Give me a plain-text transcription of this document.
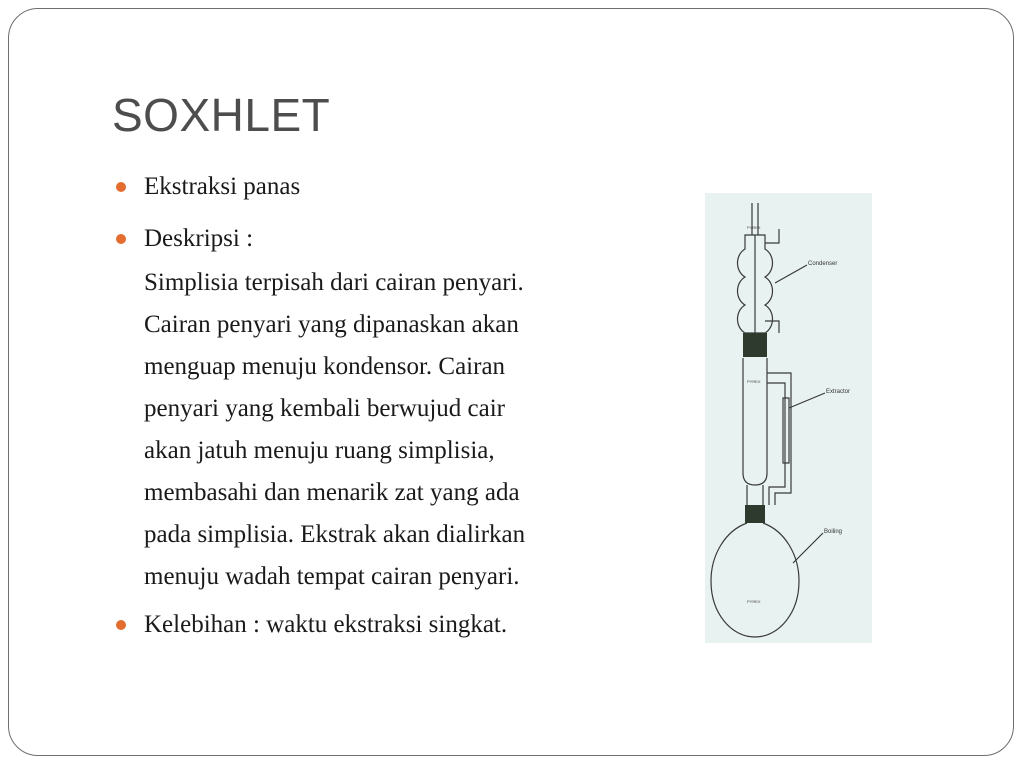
SOXHLET
Ekstraksi panas
Deskripsi :
Simplisia terpisah dari cairan penyari.
Cairan penyari yang dipanaskan akan
menguap menuju kondensor. Cairan
penyari yang kembali berwujud cair
akan jatuh menuju ruang simplisia,
membasahi dan menarik zat yang ada
pada simplisia. Ekstrak akan dialirkan
menuju wadah tempat cairan penyari.
Kelebihan : waktu ekstraksi singkat.
Condenser
Extractor
Boiling
PYREX
PYREX
PYREX
